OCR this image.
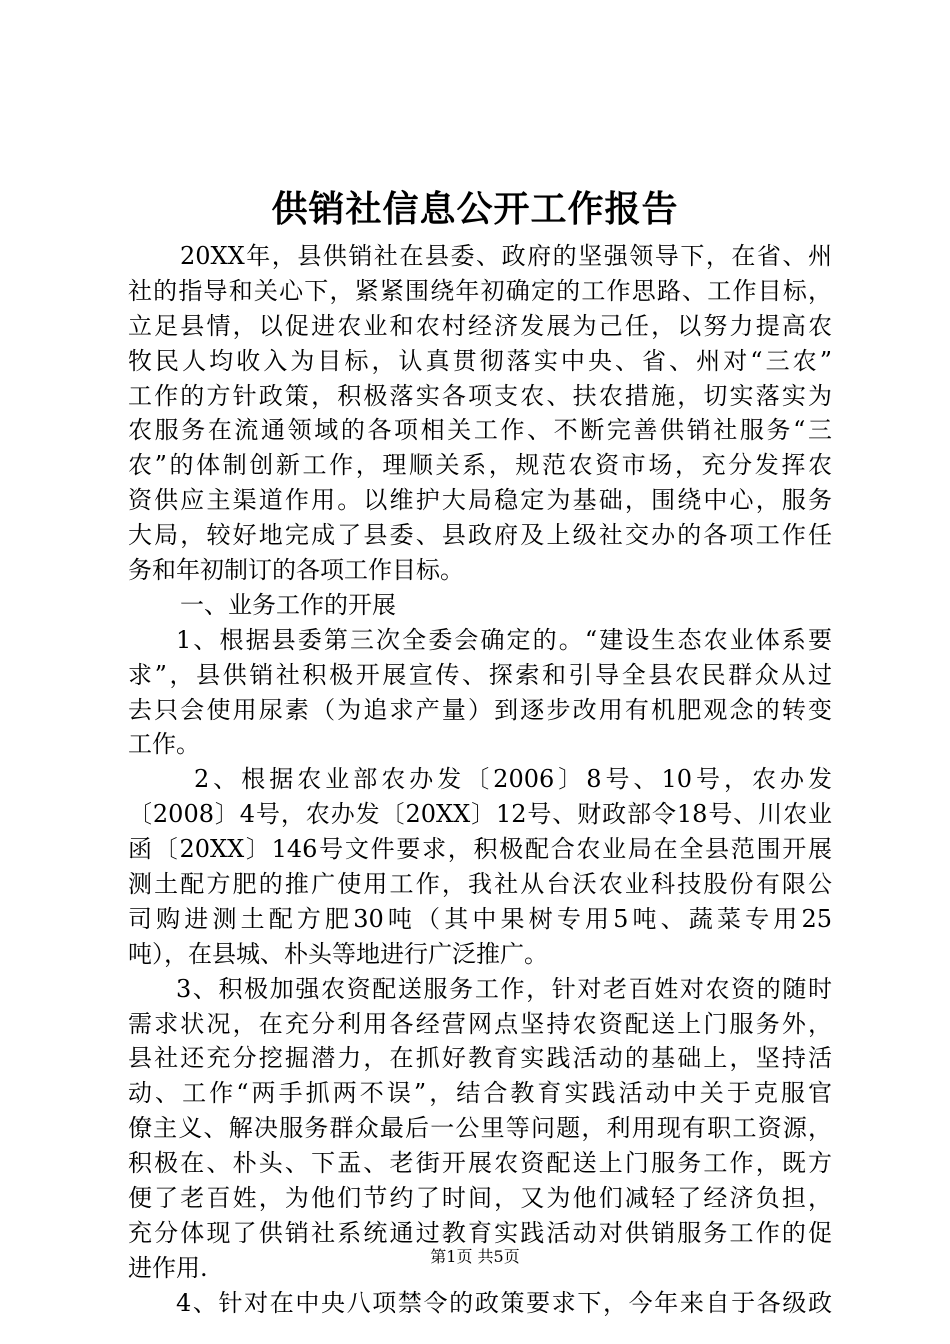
供销社信息公开工作报告
20XX年，县供销社在县委、政府的坚强领导下，在省、州
社的指导和关心下，紧紧围绕年初确定的工作思路、工作目标，
立足县情，以促进农业和农村经济发展为己任，以努力提高农
牧民人均收入为目标，认真贯彻落实中央、省、州对“三农”
工作的方针政策，积极落实各项支农、扶农措施，切实落实为
农服务在流通领域的各项相关工作、不断完善供销社服务“三
农”的体制创新工作，理顺关系，规范农资市场，充分发挥农
资供应主渠道作用。以维护大局稳定为基础，围绕中心，服务
大局，较好地完成了县委、县政府及上级社交办的各项工作任
务和年初制订的各项工作目标。
一、业务工作的开展
1、根据县委第三次全委会确定的。“建设生态农业体系要
求”，县供销社积极开展宣传、探索和引导全县农民群众从过
去只会使用尿素（为追求产量）到逐步改用有机肥观念的转变
工作。
2、根据农业部农办发〔2006〕8号、10号，农办发
〔2008〕4号，农办发〔20XX〕12号、财政部令18号、川农业
函〔20XX〕146号文件要求，积极配合农业局在全县范围开展
测土配方肥的推广使用工作，我社从台沃农业科技股份有限公
司购进测土配方肥30吨（其中果树专用5吨、蔬菜专用25
吨），在县城、朴头等地进行广泛推广。
3、积极加强农资配送服务工作，针对老百姓对农资的随时
需求状况，在充分利用各经营网点坚持农资配送上门服务外，
县社还充分挖掘潜力，在抓好教育实践活动的基础上，坚持活
动、工作“两手抓两不误”，结合教育实践活动中关于克服官
僚主义、解决服务群众最后一公里等问题，利用现有职工资源，
积极在、朴头、下盂、老街开展农资配送上门服务工作，既方
便了老百姓，为他们节约了时间，又为他们减轻了经济负担，
充分体现了供销社系统通过教育实践活动对供销服务工作的促
进作用.
4、针对在中央八项禁令的政策要求下，今年来自于各级政
第1页 共5页
